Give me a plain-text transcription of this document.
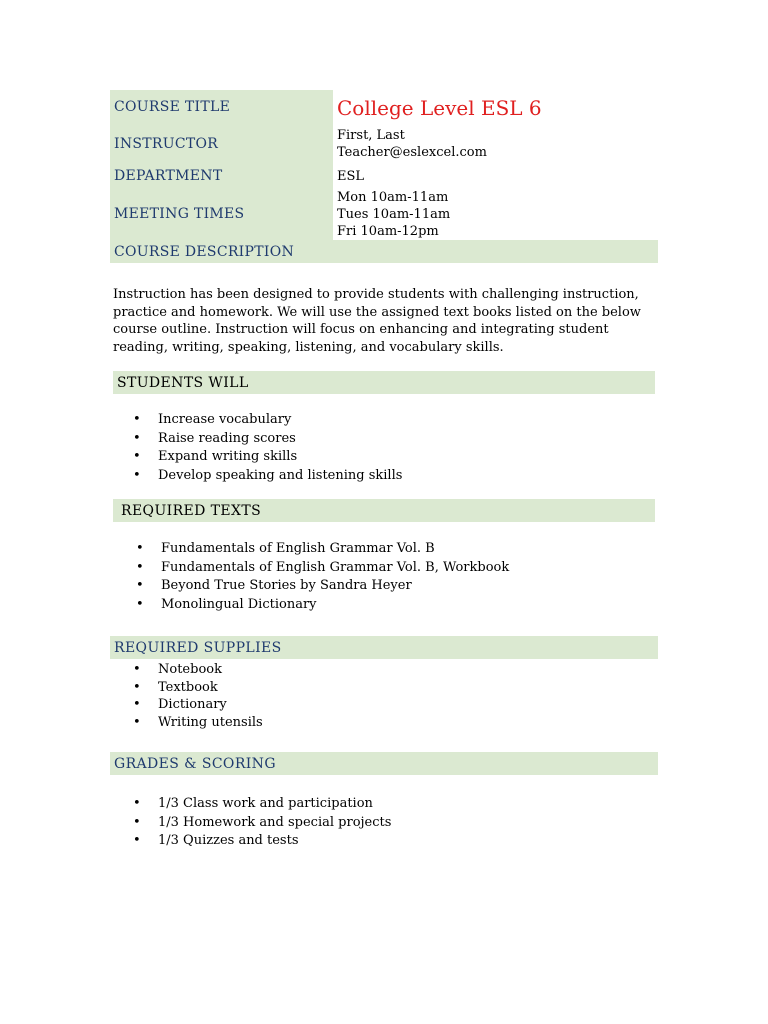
COURSE TITLE	College Level ESL 6
INSTRUCTOR
First, Last
Teacher@eslexcel.com
DEPARTMENT	ESL
MEETING TIMES
Mon 10am-11am
Tues 10am-11am
Fri 10am-12pm
COURSE DESCRIPTION
Instruction has been designed to provide students with challenging instruction, practice and homework. We will use the assigned text books listed on the below course outline. Instruction will focus on enhancing and integrating student reading, writing, speaking, listening, and vocabulary skills.
STUDENTS WILL
• Increase vocabulary
• Raise reading scores
• Expand writing skills
• Develop speaking and listening skills
REQUIRED TEXTS
• Fundamentals of English Grammar Vol. B
• Fundamentals of English Grammar Vol. B, Workbook
• Beyond True Stories by Sandra Heyer
• Monolingual Dictionary
REQUIRED SUPPLIES
• Notebook
• Textbook
• Dictionary
• Writing utensils
GRADES & SCORING
• 1/3 Class work and participation
• 1/3 Homework and special projects
• 1/3 Quizzes and tests
